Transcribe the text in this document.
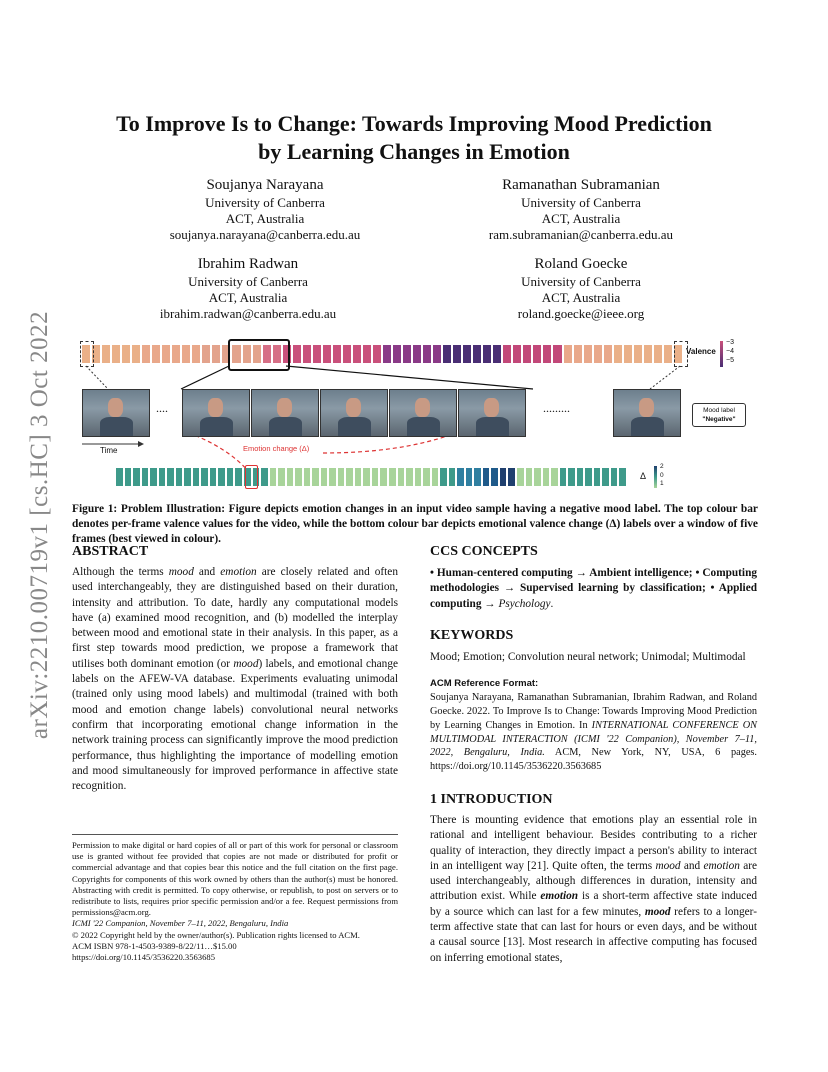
arXiv:2210.00719v1 [cs.HC] 3 Oct 2022
To Improve Is to Change: Towards Improving Mood Prediction
by Learning Changes in Emotion
Soujanya Narayana
University of Canberra
ACT, Australia
soujanya.narayana@canberra.edu.au
Ramanathan Subramanian
University of Canberra
ACT, Australia
ram.subramanian@canberra.edu.au
Ibrahim Radwan
University of Canberra
ACT, Australia
ibrahim.radwan@canberra.edu.au
Roland Goecke
University of Canberra
ACT, Australia
roland.goecke@ieee.org
Valence
−3
−4
−5
....	.........	Mood label
"Negative"
Time	Emotion change (Δ)
Δ
2
0
1
Figure 1: Problem Illustration: Figure depicts emotion changes in an input video sample having a negative mood label. The top colour bar denotes per-frame valence values for the video, while the bottom colour bar depicts emotional valence change (Δ) labels over a window of five frames (best viewed in colour).
ABSTRACT

Although the terms mood and emotion are closely related and often used interchangeably, they are distinguished based on their duration, intensity and attribution. To date, hardly any computational models have (a) examined mood recognition, and (b) modelled the interplay between mood and emotional state in their analysis. In this paper, as a first step towards mood prediction, we propose a framework that utilises both dominant emotion (or mood) labels, and emotional change labels on the AFEW-VA database. Experiments evaluating unimodal (trained only using mood labels) and multimodal (trained with both mood and emotion change labels) convolutional neural networks confirm that incorporating emotional change information in the network training process can significantly improve the mood prediction performance, thus highlighting the importance of modelling emotion and mood simultaneously for improved performance in affective state recognition.

Permission to make digital or hard copies of all or part of this work for personal or classroom use is granted without fee provided that copies are not made or distributed for profit or commercial advantage and that copies bear this notice and the full citation on the first page. Copyrights for components of this work owned by others than the author(s) must be honored. Abstracting with credit is permitted. To copy otherwise, or republish, to post on servers or to redistribute to lists, requires prior specific permission and/or a fee. Request permissions from permissions@acm.org.
ICMI '22 Companion, November 7–11, 2022, Bengaluru, India
© 2022 Copyright held by the owner/author(s). Publication rights licensed to ACM.
ACM ISBN 978-1-4503-9389-8/22/11…$15.00
https://doi.org/10.1145/3536220.3563685
CCS CONCEPTS

• Human-centered computing → Ambient intelligence; • Computing methodologies → Supervised learning by classification; • Applied computing → Psychology.

KEYWORDS

Mood; Emotion; Convolution neural network; Unimodal; Multimodal

ACM Reference Format:

Soujanya Narayana, Ramanathan Subramanian, Ibrahim Radwan, and Roland Goecke. 2022. To Improve Is to Change: Towards Improving Mood Prediction by Learning Changes in Emotion. In INTERNATIONAL CONFERENCE ON MULTIMODAL INTERACTION (ICMI '22 Companion), November 7–11, 2022, Bengaluru, India. ACM, New York, NY, USA, 6 pages. https://doi.org/10.1145/3536220.3563685

1 INTRODUCTION

There is mounting evidence that emotions play an essential role in rational and intelligent behaviour. Besides contributing to a richer quality of interaction, they directly impact a person's ability to interact in an intelligent way [21]. Quite often, the terms mood and emotion are used interchangeably, although differences in duration, intensity and attribution exist. While emotion is a short-term affective state induced by a source which can last for a few minutes, mood refers to a longer-term affective state that can last for hours or even days, and be without a causal source [13]. Most research in affective computing has focused on inferring emotional states,
